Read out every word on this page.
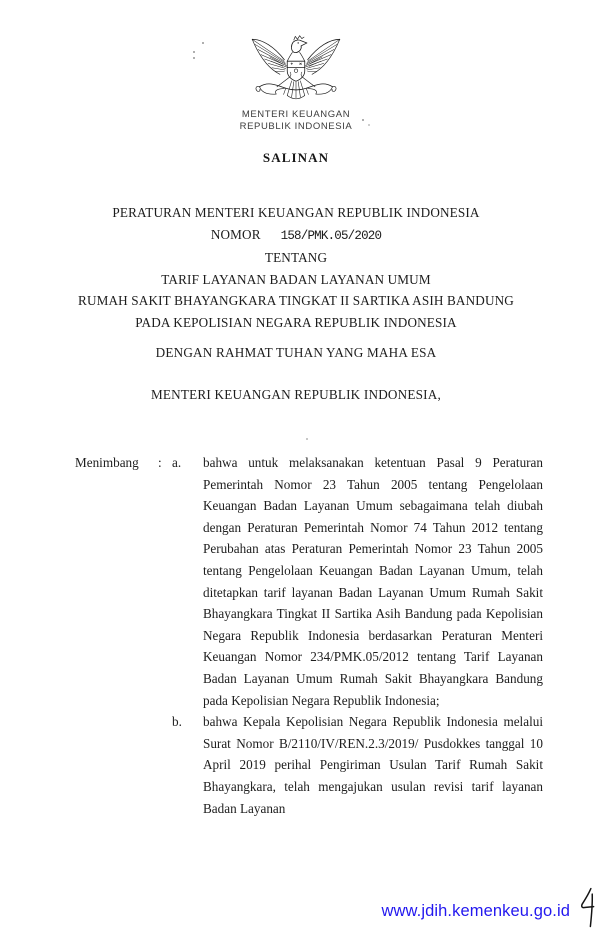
MENTERI KEUANGAN
REPUBLIK INDONESIA
SALINAN
PERATURAN MENTERI KEUANGAN REPUBLIK INDONESIA
NOMOR 158/PMK.05/2020
TENTANG
TARIF LAYANAN BADAN LAYANAN UMUM
RUMAH SAKIT BHAYANGKARA TINGKAT II SARTIKA ASIH BANDUNG
PADA KEPOLISIAN NEGARA REPUBLIK INDONESIA
DENGAN RAHMAT TUHAN YANG MAHA ESA
MENTERI KEUANGAN REPUBLIK INDONESIA,
Menimbang	: a.	bahwa untuk melaksanakan ketentuan Pasal 9 Peraturan Pemerintah Nomor 23 Tahun 2005 tentang Pengelolaan Keuangan Badan Layanan Umum sebagaimana telah diubah dengan Peraturan Pemerintah Nomor 74 Tahun 2012 tentang Perubahan atas Peraturan Pemerintah Nomor 23 Tahun 2005 tentang Pengelolaan Keuangan Badan Layanan Umum, telah ditetapkan tarif layanan Badan Layanan Umum Rumah Sakit Bhayangkara Tingkat II Sartika Asih Bandung pada Kepolisian Negara Republik Indonesia berdasarkan Peraturan Menteri Keuangan Nomor 234/PMK.05/2012 tentang Tarif Layanan Badan Layanan Umum Rumah Sakit Bhayangkara Bandung pada Kepolisian Negara Republik Indonesia;
b.	bahwa Kepala Kepolisian Negara Republik Indonesia melalui Surat Nomor B/2110/IV/REN.2.3/2019/ Pusdokkes tanggal 10 April 2019 perihal Pengiriman Usulan Tarif Rumah Sakit Bhayangkara, telah mengajukan usulan revisi tarif layanan Badan Layanan
www.jdih.kemenkeu.go.id
